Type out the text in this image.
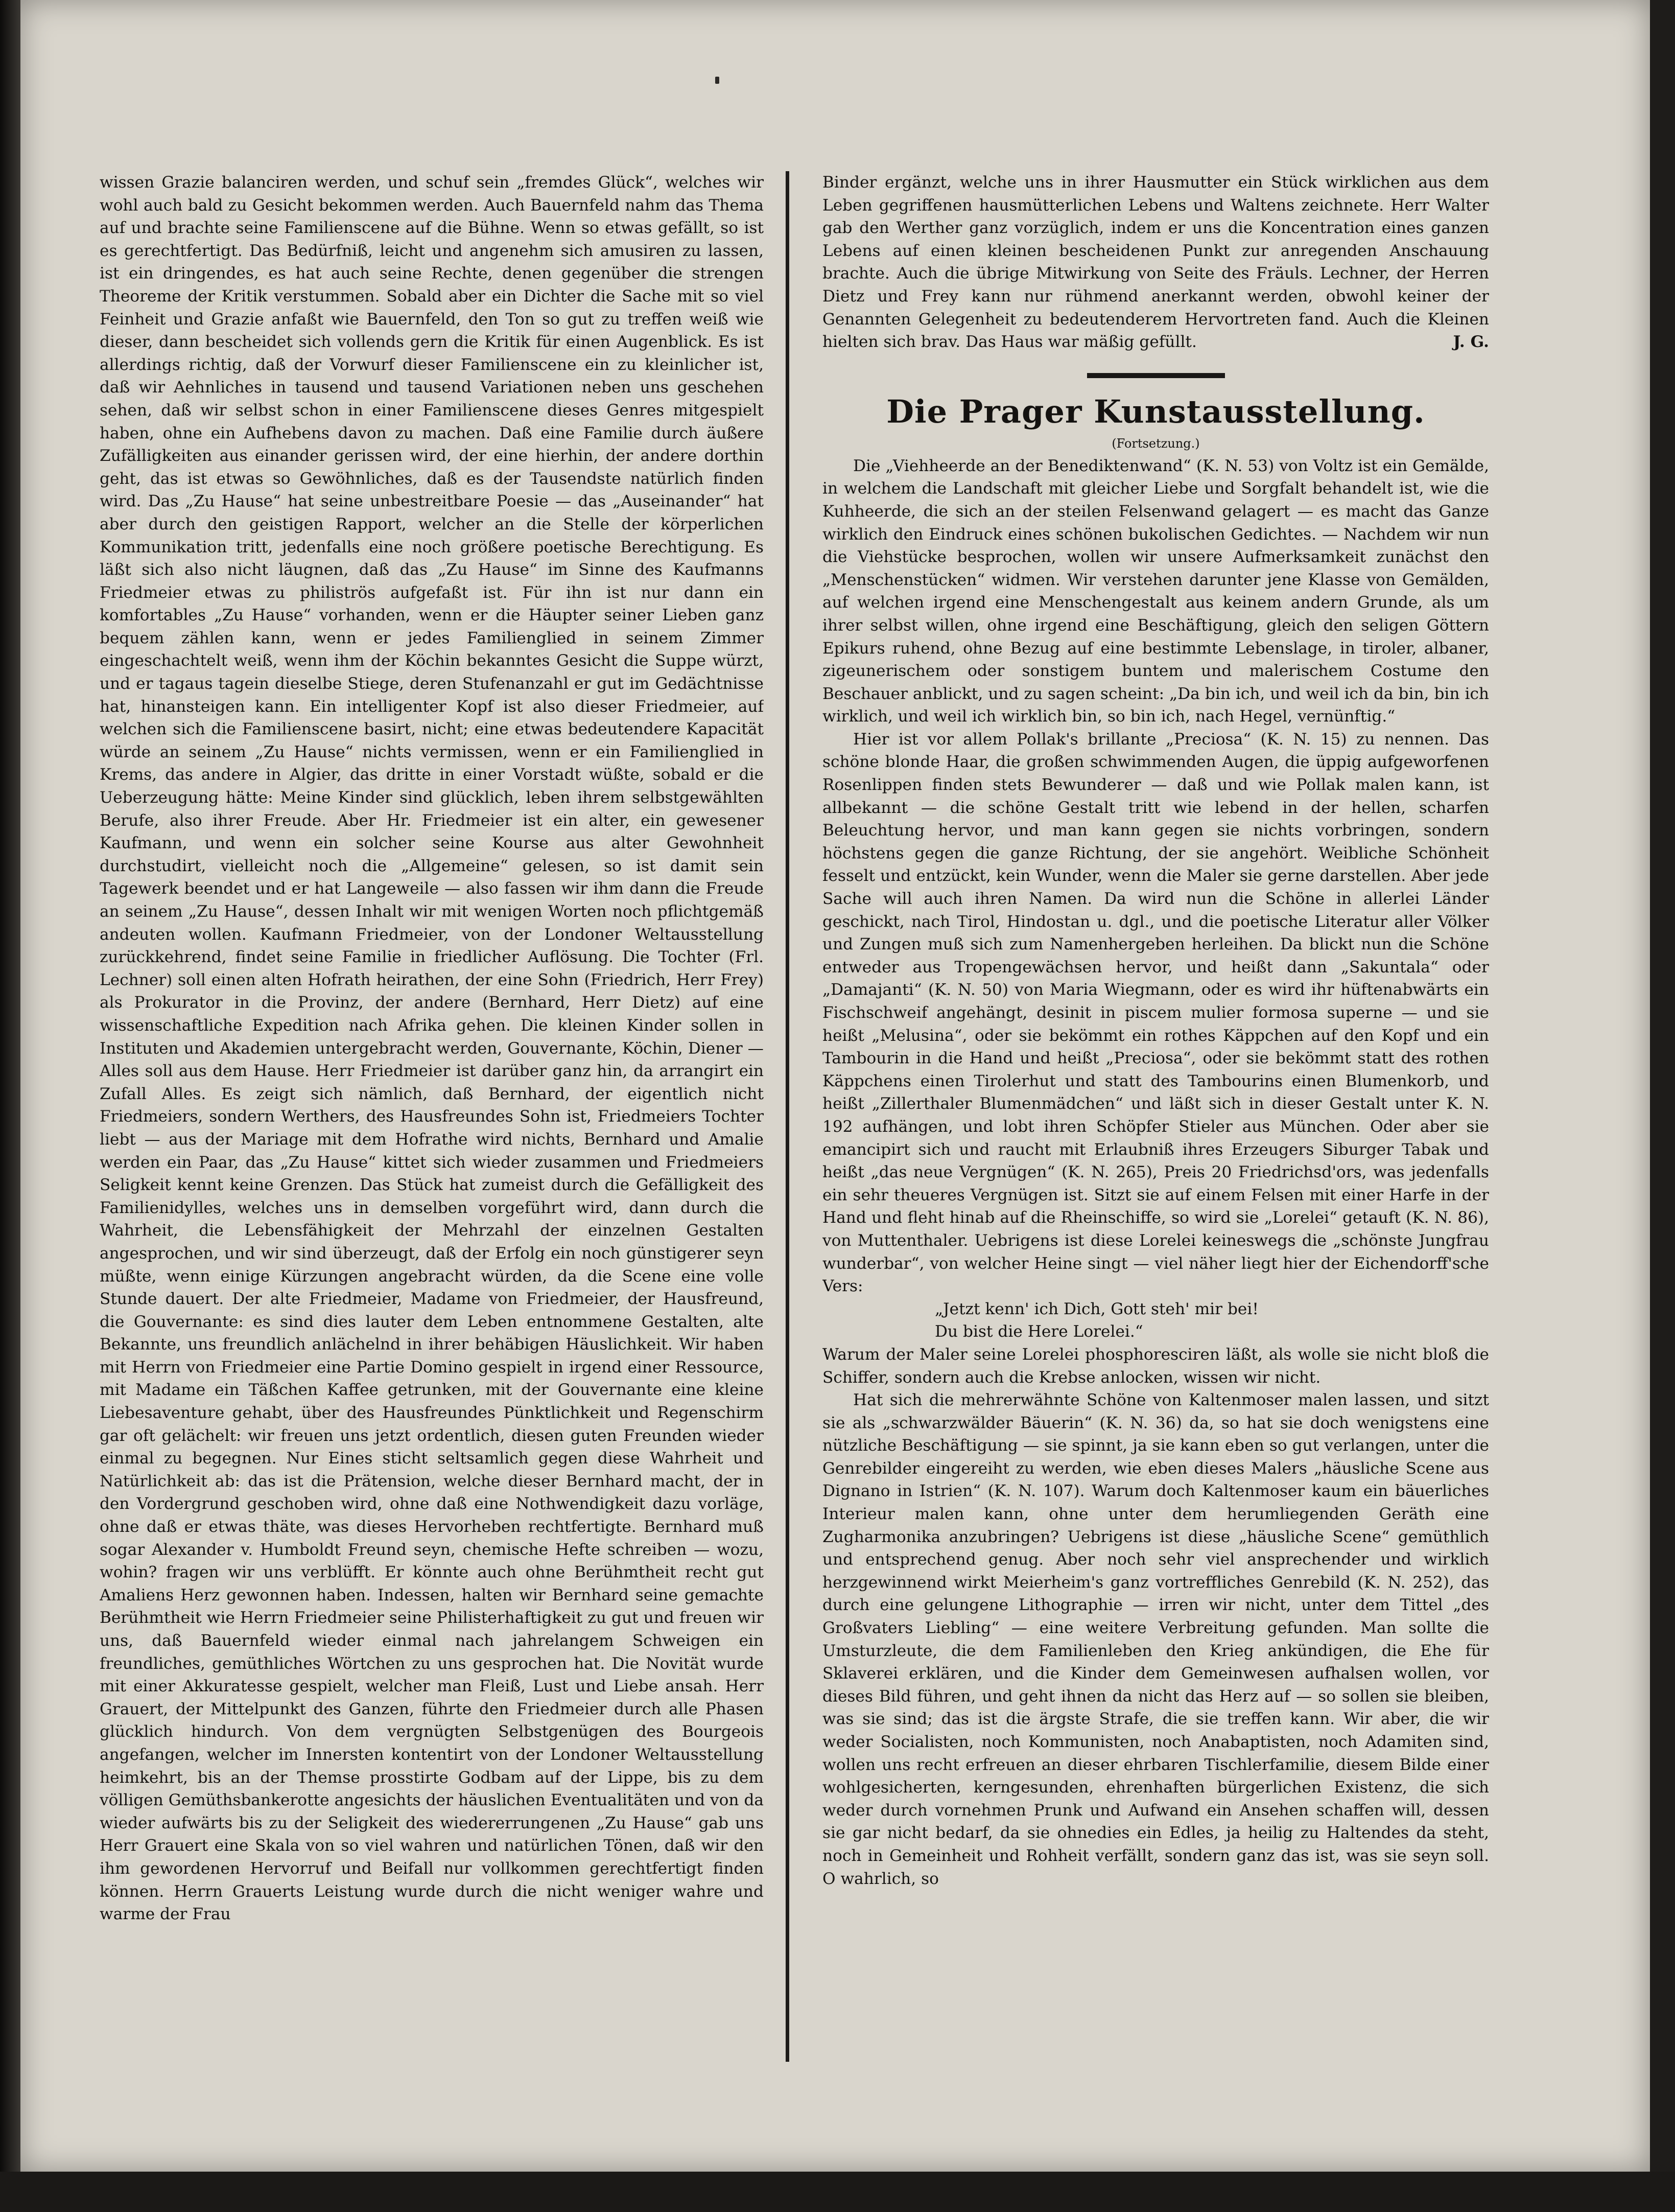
wissen Grazie balanciren werden, und schuf sein „fremdes Glück“, welches wir wohl auch bald zu Gesicht bekommen werden. Auch Bauernfeld nahm das Thema auf und brachte seine Familienscene auf die Bühne. Wenn so etwas gefällt, so ist es gerechtfertigt. Das Bedürfniß, leicht und angenehm sich amusiren zu lassen, ist ein dringendes, es hat auch seine Rechte, denen gegenüber die strengen Theoreme der Kritik verstummen. Sobald aber ein Dichter die Sache mit so viel Feinheit und Grazie anfaßt wie Bauernfeld, den Ton so gut zu treffen weiß wie dieser, dann bescheidet sich vollends gern die Kritik für einen Augenblick. Es ist allerdings richtig, daß der Vorwurf dieser Familienscene ein zu kleinlicher ist, daß wir Aehnliches in tausend und tausend Variationen neben uns geschehen sehen, daß wir selbst schon in einer Familienscene dieses Genres mitgespielt haben, ohne ein Aufhebens davon zu machen. Daß eine Familie durch äußere Zufälligkeiten aus einander gerissen wird, der eine hierhin, der andere dorthin geht, das ist etwas so Gewöhnliches, daß es der Tausendste natürlich finden wird. Das „Zu Hause“ hat seine unbestreitbare Poesie — das „Auseinander“ hat aber durch den geistigen Rapport, welcher an die Stelle der körperlichen Kommunikation tritt, jedenfalls eine noch größere poetische Berechtigung. Es läßt sich also nicht läugnen, daß das „Zu Hause“ im Sinne des Kaufmanns Friedmeier etwas zu philiströs aufgefaßt ist. Für ihn ist nur dann ein komfortables „Zu Hause“ vorhanden, wenn er die Häupter seiner Lieben ganz bequem zählen kann, wenn er jedes Familienglied in seinem Zimmer eingeschachtelt weiß, wenn ihm der Köchin bekanntes Gesicht die Suppe würzt, und er tagaus tagein dieselbe Stiege, deren Stufenanzahl er gut im Gedächtnisse hat, hinansteigen kann. Ein intelligenter Kopf ist also dieser Friedmeier, auf welchen sich die Familienscene basirt, nicht; eine etwas bedeutendere Kapacität würde an seinem „Zu Hause“ nichts vermissen, wenn er ein Familienglied in Krems, das andere in Algier, das dritte in einer Vorstadt wüßte, sobald er die Ueberzeugung hätte: Meine Kinder sind glücklich, leben ihrem selbstgewählten Berufe, also ihrer Freude. Aber Hr. Friedmeier ist ein alter, ein gewesener Kaufmann, und wenn ein solcher seine Kourse aus alter Gewohnheit durchstudirt, vielleicht noch die „Allgemeine“ gelesen, so ist damit sein Tagewerk beendet und er hat Langeweile — also fassen wir ihm dann die Freude an seinem „Zu Hause“, dessen Inhalt wir mit wenigen Worten noch pflichtgemäß andeuten wollen. Kaufmann Friedmeier, von der Londoner Weltausstellung zurückkehrend, findet seine Familie in friedlicher Auflösung. Die Tochter (Frl. Lechner) soll einen alten Hofrath heirathen, der eine Sohn (Friedrich, Herr Frey) als Prokurator in die Provinz, der andere (Bernhard, Herr Dietz) auf eine wissenschaftliche Expedition nach Afrika gehen. Die kleinen Kinder sollen in Instituten und Akademien untergebracht werden, Gouvernante, Köchin, Diener — Alles soll aus dem Hause. Herr Friedmeier ist darüber ganz hin, da arrangirt ein Zufall Alles. Es zeigt sich nämlich, daß Bernhard, der eigentlich nicht Friedmeiers, sondern Werthers, des Hausfreundes Sohn ist, Friedmeiers Tochter liebt — aus der Mariage mit dem Hofrathe wird nichts, Bernhard und Amalie werden ein Paar, das „Zu Hause“ kittet sich wieder zusammen und Friedmeiers Seligkeit kennt keine Grenzen. Das Stück hat zumeist durch die Gefälligkeit des Familienidylles, welches uns in demselben vorgeführt wird, dann durch die Wahrheit, die Lebensfähigkeit der Mehrzahl der einzelnen Gestalten angesprochen, und wir sind überzeugt, daß der Erfolg ein noch günstigerer seyn müßte, wenn einige Kürzungen angebracht würden, da die Scene eine volle Stunde dauert. Der alte Friedmeier, Madame von Friedmeier, der Hausfreund, die Gouvernante: es sind dies lauter dem Leben entnommene Gestalten, alte Bekannte, uns freundlich anlächelnd in ihrer behäbigen Häuslichkeit. Wir haben mit Herrn von Friedmeier eine Partie Domino gespielt in irgend einer Ressource, mit Madame ein Täßchen Kaffee getrunken, mit der Gouvernante eine kleine Liebesaventure gehabt, über des Hausfreundes Pünktlichkeit und Regenschirm gar oft gelächelt: wir freuen uns jetzt ordentlich, diesen guten Freunden wieder einmal zu begegnen. Nur Eines sticht seltsamlich gegen diese Wahrheit und Natürlichkeit ab: das ist die Prätension, welche dieser Bernhard macht, der in den Vordergrund geschoben wird, ohne daß eine Nothwendigkeit dazu vorläge, ohne daß er etwas thäte, was dieses Hervorheben rechtfertigte. Bernhard muß sogar Alexander v. Humboldt Freund seyn, chemische Hefte schreiben — wozu, wohin? fragen wir uns verblüfft. Er könnte auch ohne Berühmtheit recht gut Amaliens Herz gewonnen haben. Indessen, halten wir Bernhard seine gemachte Berühmtheit wie Herrn Friedmeier seine Philisterhaftigkeit zu gut und freuen wir uns, daß Bauernfeld wieder einmal nach jahrelangem Schweigen ein freundliches, gemüthliches Wörtchen zu uns gesprochen hat. Die Novität wurde mit einer Akkuratesse gespielt, welcher man Fleiß, Lust und Liebe ansah. Herr Grauert, der Mittelpunkt des Ganzen, führte den Friedmeier durch alle Phasen glücklich hindurch. Von dem vergnügten Selbstgenügen des Bourgeois angefangen, welcher im Innersten kontentirt von der Londoner Weltausstellung heimkehrt, bis an der Themse prosstirte Godbam auf der Lippe, bis zu dem völligen Gemüthsbankerotte angesichts der häuslichen Eventualitäten und von da wieder aufwärts bis zu der Seligkeit des wiedererrungenen „Zu Hause“ gab uns Herr Grauert eine Skala von so viel wahren und natürlichen Tönen, daß wir den ihm gewordenen Hervorruf und Beifall nur vollkommen gerechtfertigt finden können. Herrn Grauerts Leistung wurde durch die nicht weniger wahre und warme der Frau

Binder ergänzt, welche uns in ihrer Hausmutter ein Stück wirklichen aus dem Leben gegriffenen hausmütterlichen Lebens und Waltens zeichnete. Herr Walter gab den Werther ganz vorzüglich, indem er uns die Koncentration eines ganzen Lebens auf einen kleinen bescheidenen Punkt zur anregenden Anschauung brachte. Auch die übrige Mitwirkung von Seite des Fräuls. Lechner, der Herren Dietz und Frey kann nur rühmend anerkannt werden, obwohl keiner der Genannten Gelegenheit zu bedeutenderem Hervortreten fand. Auch die Kleinen hielten sich brav. Das Haus war mäßig gefüllt.	J. G.

Die Prager Kunstausstellung.

(Fortsetzung.)

Die „Viehheerde an der Benediktenwand“ (K. N. 53) von Voltz ist ein Gemälde, in welchem die Landschaft mit gleicher Liebe und Sorgfalt behandelt ist, wie die Kuhheerde, die sich an der steilen Felsenwand gelagert — es macht das Ganze wirklich den Eindruck eines schönen bukolischen Gedichtes. — Nachdem wir nun die Viehstücke besprochen, wollen wir unsere Aufmerksamkeit zunächst den „Menschenstücken“ widmen. Wir verstehen darunter jene Klasse von Gemälden, auf welchen irgend eine Menschengestalt aus keinem andern Grunde, als um ihrer selbst willen, ohne irgend eine Beschäftigung, gleich den seligen Göttern Epikurs ruhend, ohne Bezug auf eine bestimmte Lebenslage, in tiroler, albaner, zigeunerischem oder sonstigem buntem und malerischem Costume den Beschauer anblickt, und zu sagen scheint: „Da bin ich, und weil ich da bin, bin ich wirklich, und weil ich wirklich bin, so bin ich, nach Hegel, vernünftig.“

Hier ist vor allem Pollak's brillante „Preciosa“ (K. N. 15) zu nennen. Das schöne blonde Haar, die großen schwimmenden Augen, die üppig aufgeworfenen Rosenlippen finden stets Bewunderer — daß und wie Pollak malen kann, ist allbekannt — die schöne Gestalt tritt wie lebend in der hellen, scharfen Beleuchtung hervor, und man kann gegen sie nichts vorbringen, sondern höchstens gegen die ganze Richtung, der sie angehört. Weibliche Schönheit fesselt und entzückt, kein Wunder, wenn die Maler sie gerne darstellen. Aber jede Sache will auch ihren Namen. Da wird nun die Schöne in allerlei Länder geschickt, nach Tirol, Hindostan u. dgl., und die poetische Literatur aller Völker und Zungen muß sich zum Namenhergeben herleihen. Da blickt nun die Schöne entweder aus Tropengewächsen hervor, und heißt dann „Sakuntala“ oder „Damajanti“ (K. N. 50) von Maria Wiegmann, oder es wird ihr hüftenabwärts ein Fischschweif angehängt, desinit in piscem mulier formosa superne — und sie heißt „Melusina“, oder sie bekömmt ein rothes Käppchen auf den Kopf und ein Tambourin in die Hand und heißt „Preciosa“, oder sie bekömmt statt des rothen Käppchens einen Tirolerhut und statt des Tambourins einen Blumenkorb, und heißt „Zillerthaler Blumenmädchen“ und läßt sich in dieser Gestalt unter K. N. 192 aufhängen, und lobt ihren Schöpfer Stieler aus München. Oder aber sie emancipirt sich und raucht mit Erlaubniß ihres Erzeugers Siburger Tabak und heißt „das neue Vergnügen“ (K. N. 265), Preis 20 Friedrichsd'ors, was jedenfalls ein sehr theueres Vergnügen ist. Sitzt sie auf einem Felsen mit einer Harfe in der Hand und fleht hinab auf die Rheinschiffe, so wird sie „Lorelei“ getauft (K. N. 86), von Muttenthaler. Uebrigens ist diese Lorelei keineswegs die „schönste Jungfrau wunderbar“, von welcher Heine singt — viel näher liegt hier der Eichendorff'sche Vers:

„Jetzt kenn' ich Dich, Gott steh' mir bei!

Du bist die Here Lorelei.“

Warum der Maler seine Lorelei phosphoresciren läßt, als wolle sie nicht bloß die Schiffer, sondern auch die Krebse anlocken, wissen wir nicht.

Hat sich die mehrerwähnte Schöne von Kaltenmoser malen lassen, und sitzt sie als „schwarzwälder Bäuerin“ (K. N. 36) da, so hat sie doch wenigstens eine nützliche Beschäftigung — sie spinnt, ja sie kann eben so gut verlangen, unter die Genrebilder eingereiht zu werden, wie eben dieses Malers „häusliche Scene aus Dignano in Istrien“ (K. N. 107). Warum doch Kaltenmoser kaum ein bäuerliches Interieur malen kann, ohne unter dem herumliegenden Geräth eine Zugharmonika anzubringen? Uebrigens ist diese „häusliche Scene“ gemüthlich und entsprechend genug. Aber noch sehr viel ansprechender und wirklich herzgewinnend wirkt Meierheim's ganz vortreffliches Genrebild (K. N. 252), das durch eine gelungene Lithographie — irren wir nicht, unter dem Tittel „des Großvaters Liebling“ — eine weitere Verbreitung gefunden. Man sollte die Umsturzleute, die dem Familienleben den Krieg ankündigen, die Ehe für Sklaverei erklären, und die Kinder dem Gemeinwesen aufhalsen wollen, vor dieses Bild führen, und geht ihnen da nicht das Herz auf — so sollen sie bleiben, was sie sind; das ist die ärgste Strafe, die sie treffen kann. Wir aber, die wir weder Socialisten, noch Kommunisten, noch Anabaptisten, noch Adamiten sind, wollen uns recht erfreuen an dieser ehrbaren Tischlerfamilie, diesem Bilde einer wohlgesicherten, kerngesunden, ehrenhaften bürgerlichen Existenz, die sich weder durch vornehmen Prunk und Aufwand ein Ansehen schaffen will, dessen sie gar nicht bedarf, da sie ohnedies ein Edles, ja heilig zu Haltendes da steht, noch in Gemeinheit und Rohheit verfällt, sondern ganz das ist, was sie seyn soll. O wahrlich, so
